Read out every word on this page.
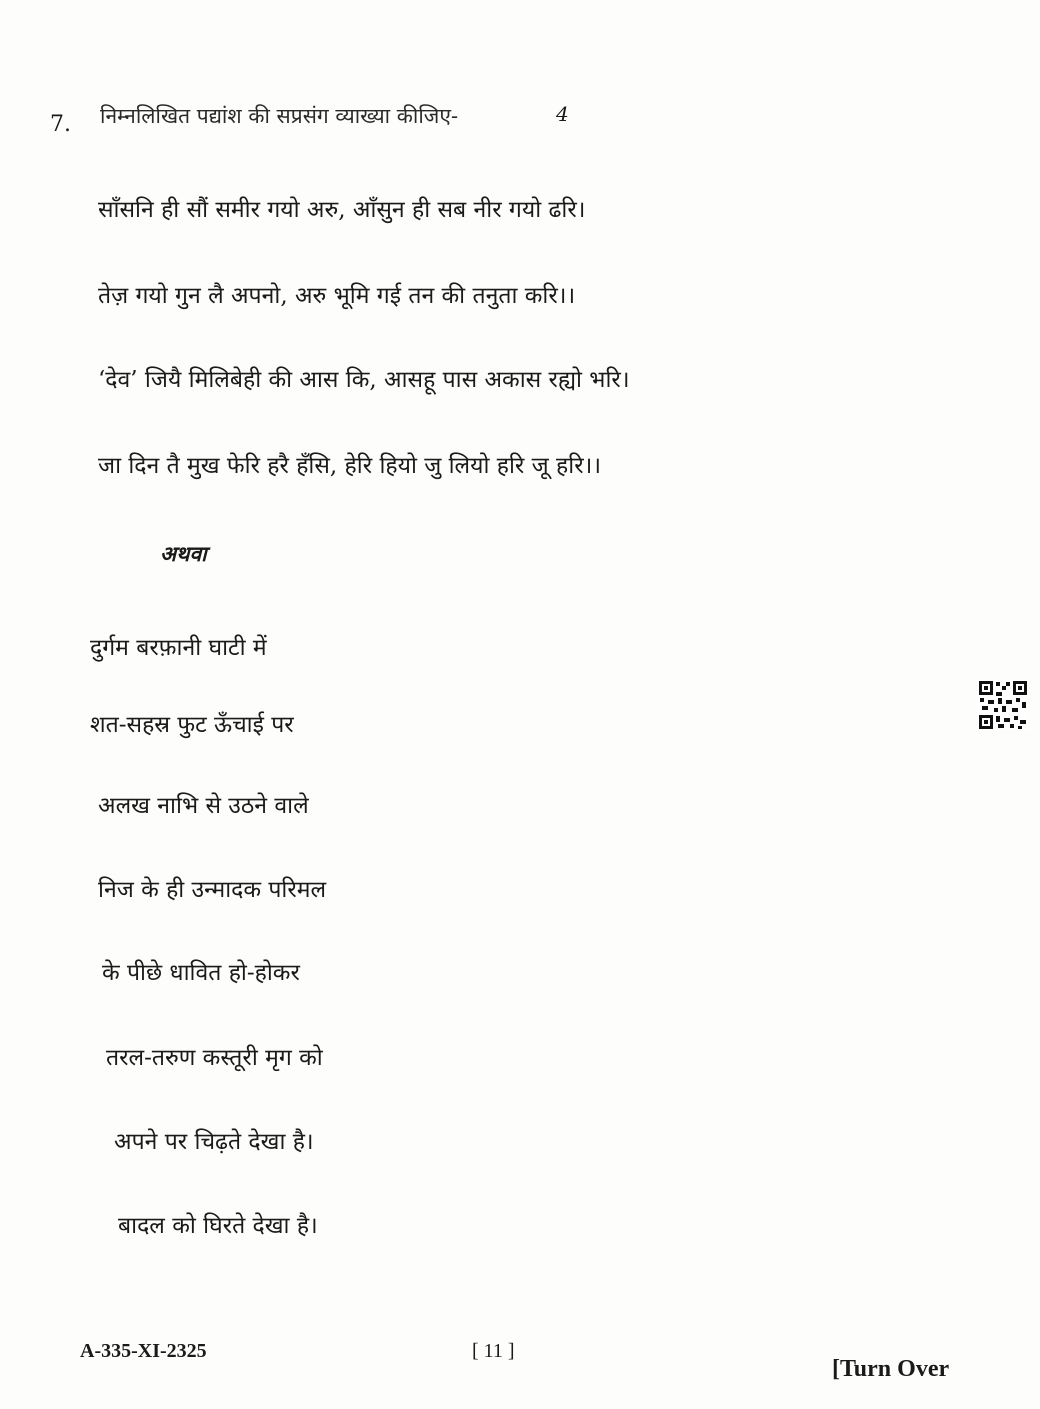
7. निम्नलिखित पद्यांश की सप्रसंग व्याख्या कीजिए-	4
साँसनि ही सौं समीर गयो अरु, आँसुन ही सब नीर गयो ढरि।
तेज़ गयो गुन लै अपनो, अरु भूमि गई तन की तनुता करि।।
‘देव’ जियै मिलिबेही की आस कि, आसहू पास अकास रह्यो भरि।
जा दिन तै मुख फेरि हरै हँसि, हेरि हियो जु लियो हरि जू हरि।।
अथवा
दुर्गम बरफ़ानी घाटी में
शत-सहस्र फुट ऊँचाई पर
अलख नाभि से उठने वाले
निज के ही उन्मादक परिमल
के पीछे धावित हो-होकर
तरल-तरुण कस्तूरी मृग को
अपने पर चिढ़ते देखा है।
बादल को घिरते देखा है।
A-335-XI-2325	[ 11 ]
[Turn Over
